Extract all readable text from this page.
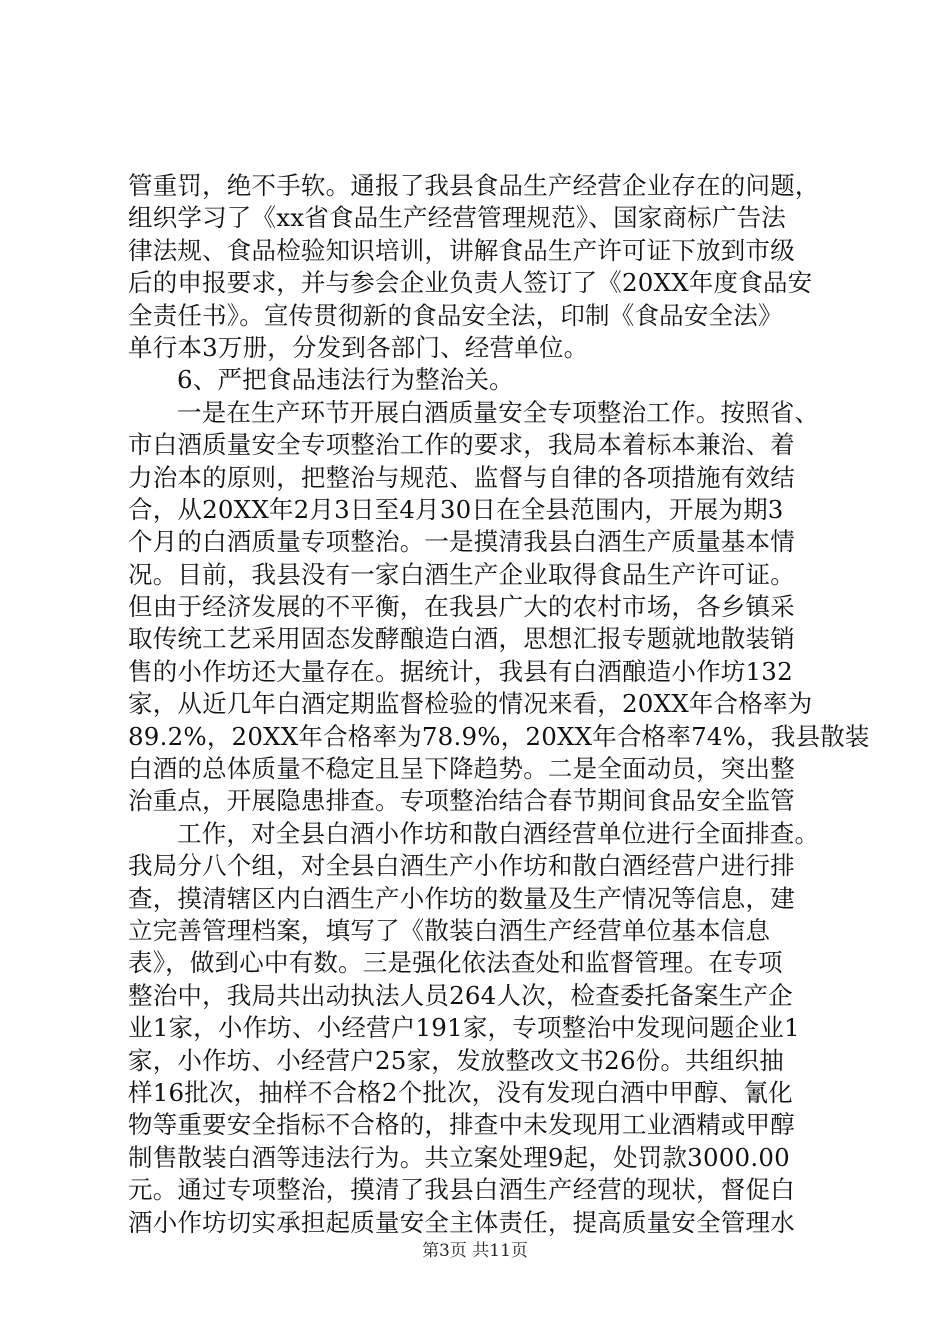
管重罚，绝不手软。通报了我县食品生产经营企业存在的问题，
组织学习了《xx省食品生产经营管理规范》、国家商标广告法
律法规、食品检验知识培训，讲解食品生产许可证下放到市级
后的申报要求，并与参会企业负责人签订了《20XX年度食品安
全责任书》。宣传贯彻新的食品安全法，印制《食品安全法》
单行本3万册，分发到各部门、经营单位。
6、严把食品违法行为整治关。
一是在生产环节开展白酒质量安全专项整治工作。按照省、
市白酒质量安全专项整治工作的要求，我局本着标本兼治、着
力治本的原则，把整治与规范、监督与自律的各项措施有效结
合，从20XX年2月3日至4月30日在全县范围内，开展为期3
个月的白酒质量专项整治。一是摸清我县白酒生产质量基本情
况。目前，我县没有一家白酒生产企业取得食品生产许可证。
但由于经济发展的不平衡，在我县广大的农村市场，各乡镇采
取传统工艺采用固态发酵酿造白酒，思想汇报专题就地散装销
售的小作坊还大量存在。据统计，我县有白酒酿造小作坊132
家，从近几年白酒定期监督检验的情况来看，20XX年合格率为
89.2%，20XX年合格率为78.9%，20XX年合格率74%，我县散装
白酒的总体质量不稳定且呈下降趋势。二是全面动员，突出整
治重点，开展隐患排查。专项整治结合春节期间食品安全监管
工作，对全县白酒小作坊和散白酒经营单位进行全面排查。
我局分八个组，对全县白酒生产小作坊和散白酒经营户进行排
查，摸清辖区内白酒生产小作坊的数量及生产情况等信息，建
立完善管理档案，填写了《散装白酒生产经营单位基本信息
表》，做到心中有数。三是强化依法查处和监督管理。在专项
整治中，我局共出动执法人员264人次，检查委托备案生产企
业1家，小作坊、小经营户191家，专项整治中发现问题企业1
家，小作坊、小经营户25家，发放整改文书26份。共组织抽
样16批次，抽样不合格2个批次，没有发现白酒中甲醇、氰化
物等重要安全指标不合格的，排查中未发现用工业酒精或甲醇
制售散装白酒等违法行为。共立案处理9起，处罚款3000.00
元。通过专项整治，摸清了我县白酒生产经营的现状，督促白
酒小作坊切实承担起质量安全主体责任，提高质量安全管理水
第3页 共11页
